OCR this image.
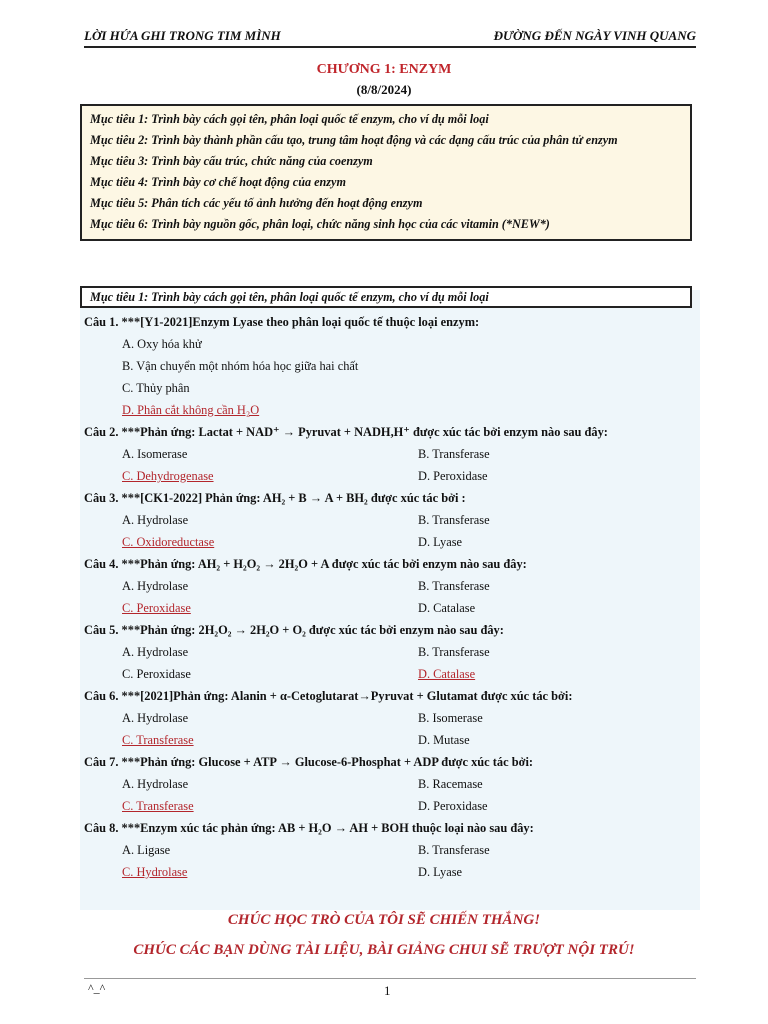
LỜI HỨA GHI TRONG TIM MÌNH	ĐƯỜNG ĐẾN NGÀY VINH QUANG
CHƯƠNG 1: ENZYM
(8/8/2024)

Mục tiêu 1: Trình bày cách gọi tên, phân loại quốc tế enzym, cho ví dụ mỗi loại

Mục tiêu 2: Trình bày thành phần cấu tạo, trung tâm hoạt động và các dạng cấu trúc của phân tử enzym

Mục tiêu 3: Trình bày cấu trúc, chức năng của coenzym

Mục tiêu 4: Trình bày cơ chế hoạt động của enzym

Mục tiêu 5: Phân tích các yếu tố ảnh hưởng đến hoạt động enzym

Mục tiêu 6: Trình bày nguồn gốc, phân loại, chức năng sinh học của các vitamin (*NEW*)

Mục tiêu 1: Trình bày cách gọi tên, phân loại quốc tế enzym, cho ví dụ mỗi loại
Câu 1. ***[Y1-2021]Enzym Lyase theo phân loại quốc tế thuộc loại enzym:
A. Oxy hóa khử
B. Vận chuyển một nhóm hóa học giữa hai chất
C. Thủy phân
D. Phân cắt không cần H₂O
Câu 2. ***Phản ứng: Lactat + NAD⁺ → Pyruvat + NADH,H⁺ được xúc tác bởi enzym nào sau đây:
A. Isomerase	B. Transferase
C. Dehydrogenase	D. Peroxidase
Câu 3. ***[CK1-2022] Phản ứng: AH₂ + B → A + BH₂ được xúc tác bởi :
A. Hydrolase	B. Transferase
C. Oxidoreductase	D. Lyase
Câu 4. ***Phản ứng: AH₂ + H₂O₂ → 2H₂O + A được xúc tác bởi enzym nào sau đây:
A. Hydrolase	B. Transferase
C. Peroxidase	D. Catalase
Câu 5. ***Phản ứng: 2H₂O₂ → 2H₂O + O₂ được xúc tác bởi enzym nào sau đây:
A. Hydrolase	B. Transferase
C. Peroxidase	D. Catalase
Câu 6. ***[2021]Phản ứng: Alanin + α-Cetoglutarat→Pyruvat + Glutamat được xúc tác bởi:
A. Hydrolase	B. Isomerase
C. Transferase	D. Mutase
Câu 7. ***Phản ứng: Glucose + ATP → Glucose-6-Phosphat + ADP được xúc tác bởi:
A. Hydrolase	B. Racemase
C. Transferase	D. Peroxidase
Câu 8. ***Enzym xúc tác phản ứng: AB + H₂O → AH + BOH thuộc loại nào sau đây:
A. Ligase	B. Transferase
C. Hydrolase	D. Lyase
CHÚC HỌC TRÒ CỦA TÔI SẼ CHIẾN THẮNG!
CHÚC CÁC BẠN DÙNG TÀI LIỆU, BÀI GIẢNG CHUI SẼ TRƯỢT NỘI TRÚ!
^_^	1
